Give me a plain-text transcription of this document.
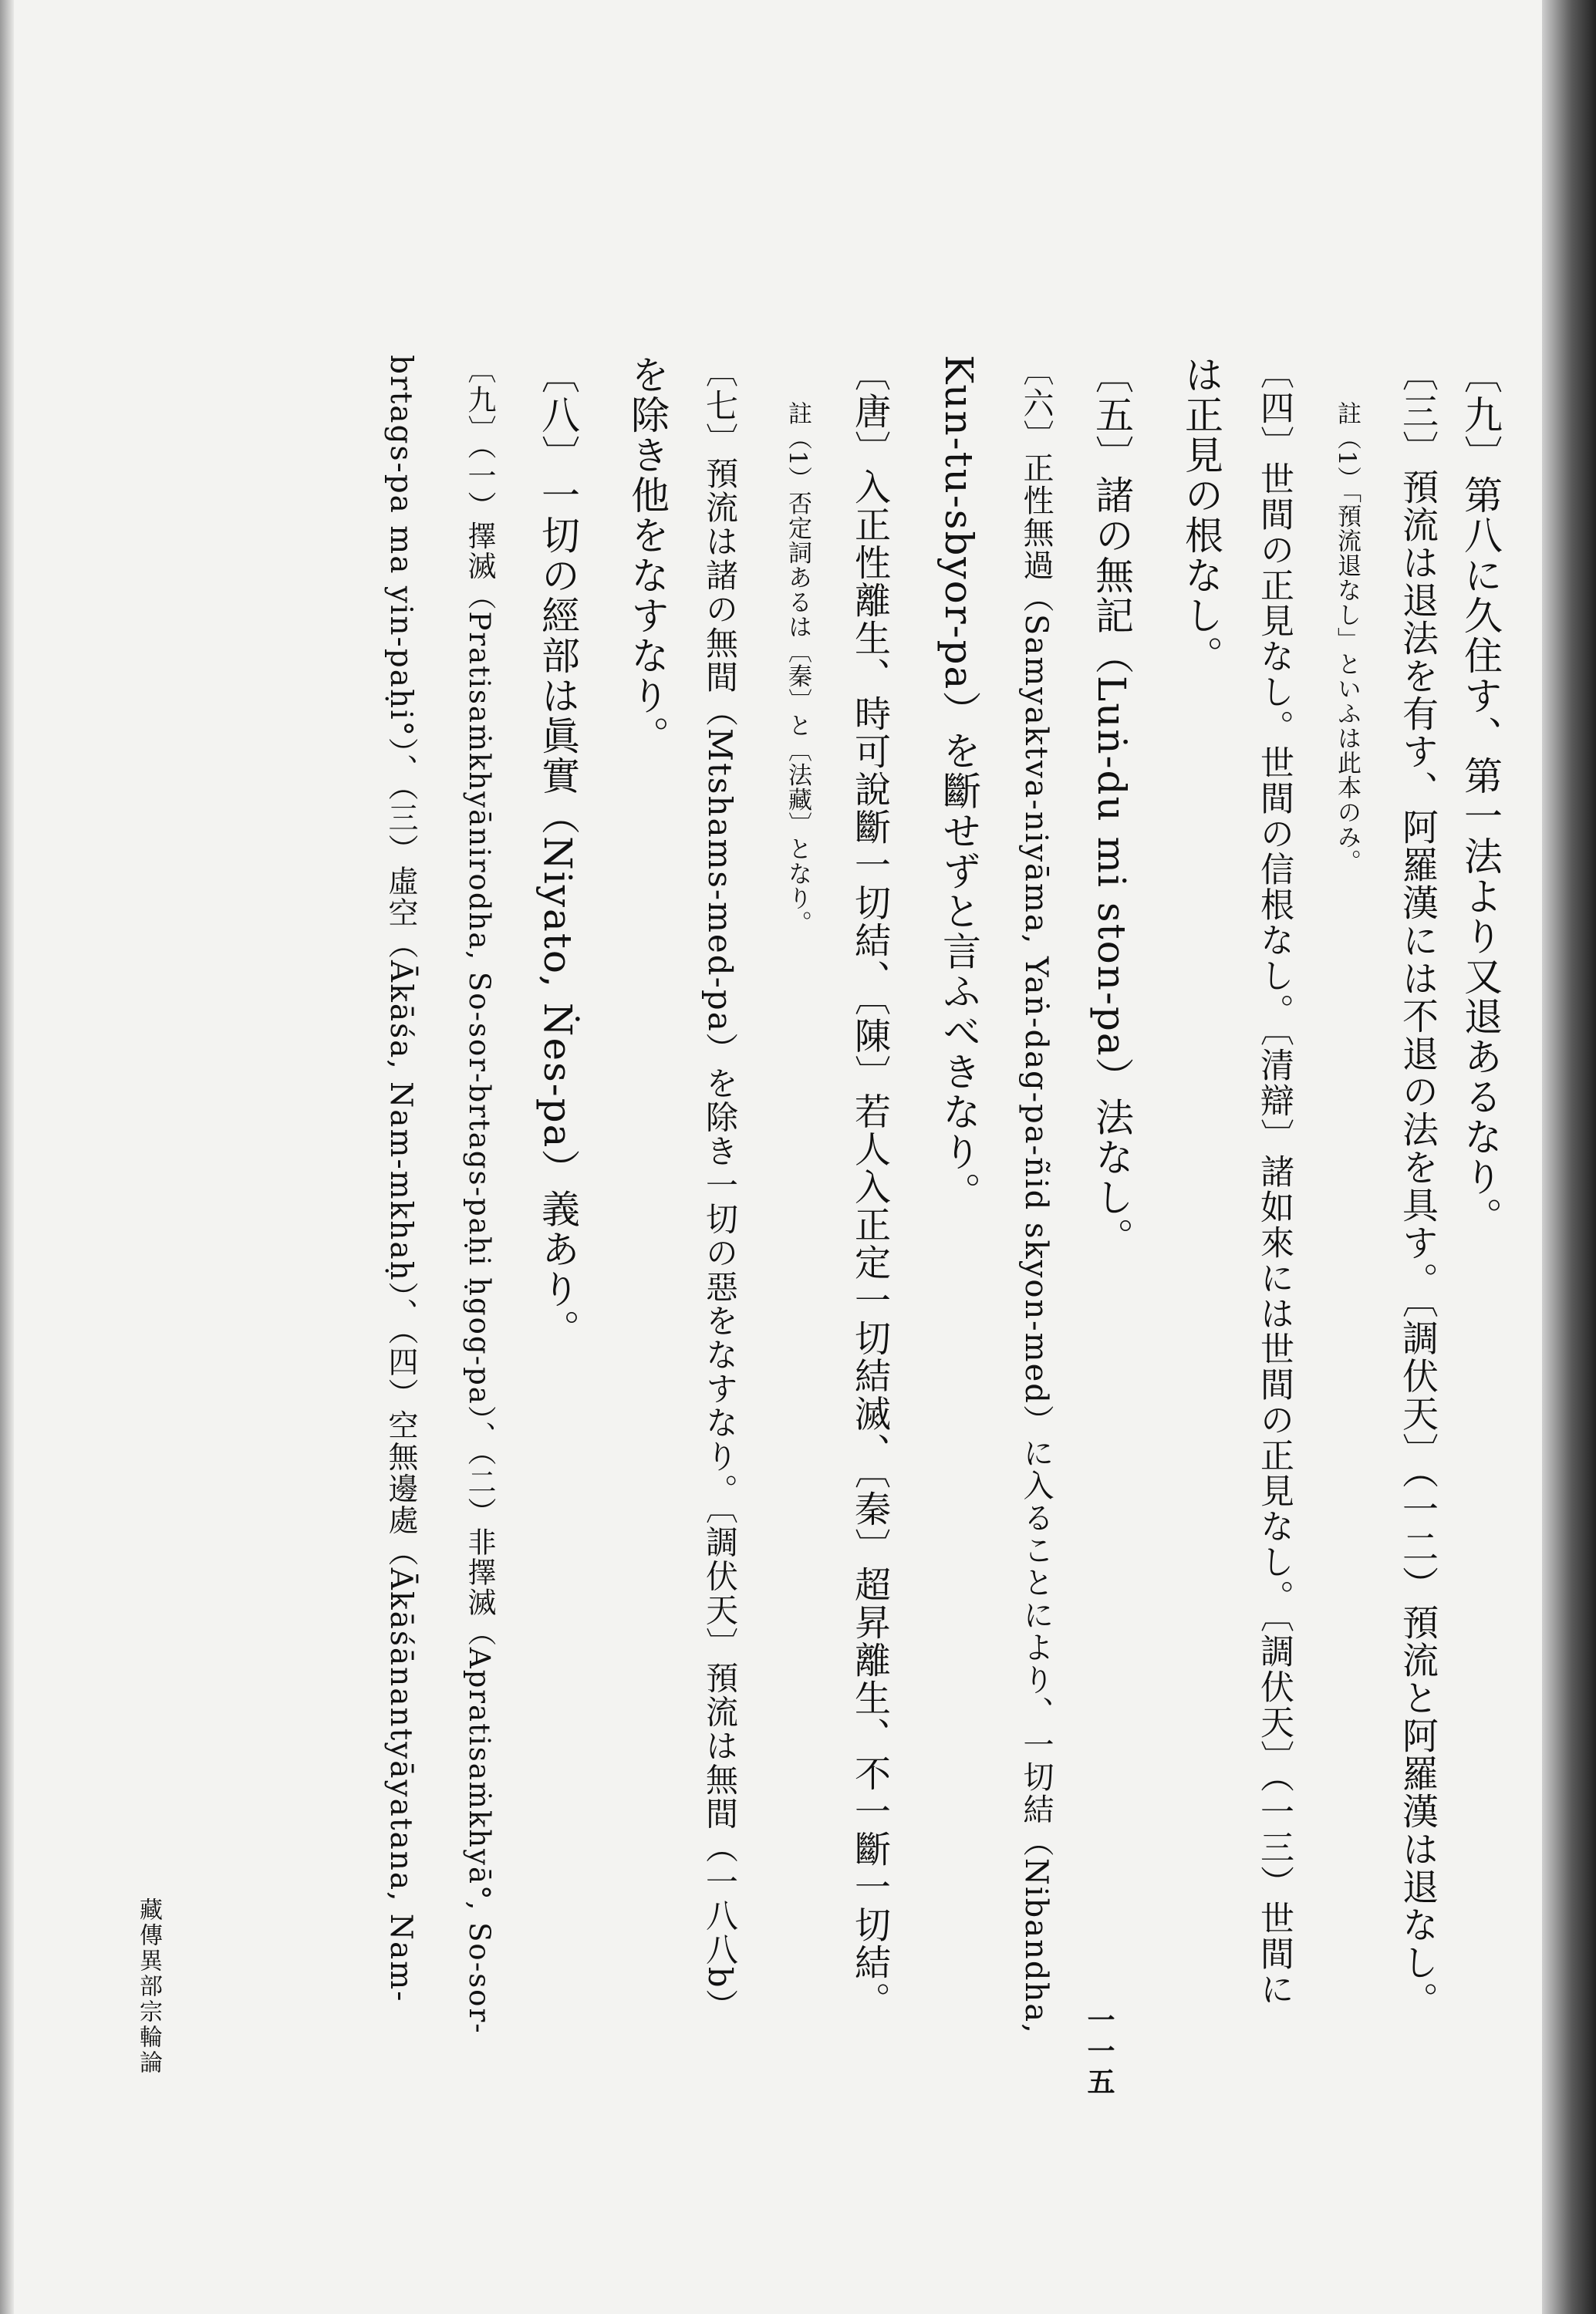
〔九〕第八に久住す、第一法より又退あるなり。
〔三〕預流は退法を有す、阿羅漢には不退の法を具す。〔調伏天〕（一二）預流と阿羅漢は退なし。
註（1）「預流退なし」といふは此本のみ。
〔四〕世間の正見なし。世間の信根なし。〔清辯〕諸如來には世間の正見なし。〔調伏天〕（一三）世間に
は正見の根なし。
〔五〕諸の無記（Luṅ-du mi ston-pa）法なし。
〔六〕正性無過（Samyaktva-niyāma, Yaṅ-dag-pa-ñid skyon-med）に入ることにより、一切結（Nibandha,
Kun-tu-sbyor-pa）を斷せずと言ふべきなり。
〔唐〕入正性離生、時可說斷一切結、〔陳〕若人入正定一切結滅、〔秦〕超昇離生、不一斷一切結。
註（1）否定詞あるは〔秦〕と〔法藏〕となり。
〔七〕預流は諸の無間（Mtshams-med-pa）を除き一切の惡をなすなり。〔調伏天〕預流は無間（一八八b）
を除き他をなすなり。
〔八〕一切の經部は眞實（Niyato, Ṅes-pa）義あり。
〔九〕（一）擇滅（Pratisaṁkhyānirodha, So-sor-brtags-paḥi ḥgog-pa）、（二）非擇滅（Apratisaṁkhyā°, So-sor-
brtags-pa ma yin-paḥi°）、（三）虛空（Ākāśa, Nam-mkhaḥ）、（四）空無邊處（Ākāśānantyāyatana, Nam-
藏傳異部宗輪論	一一五
